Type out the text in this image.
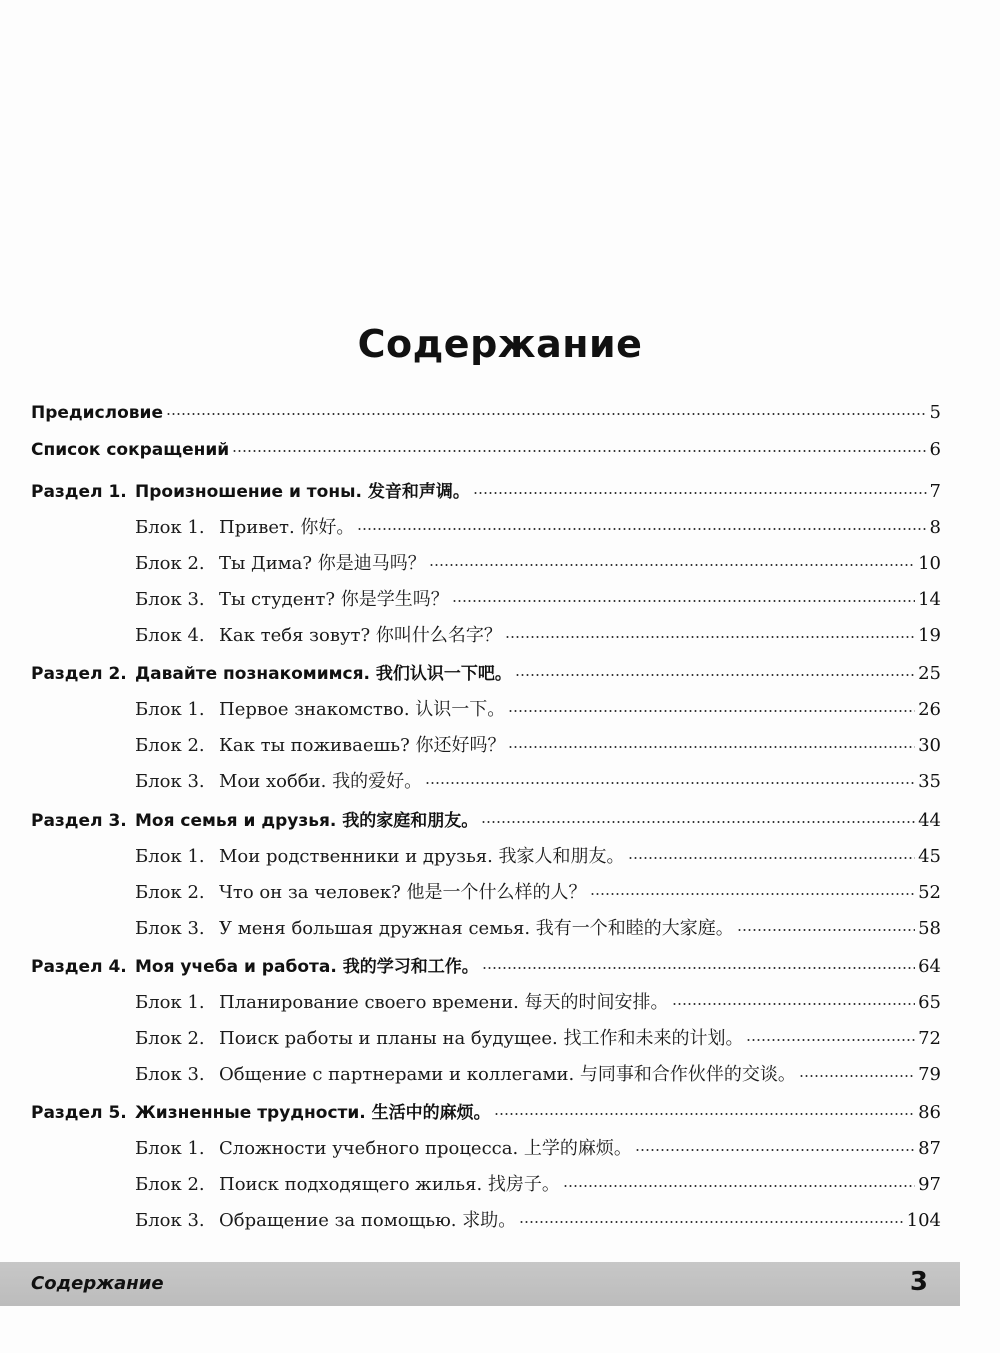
Содержание
Предисловие	5
Список сокращений	6
Раздел 1. Произношение и тоны. 发音和声调。	7
Блок 1. Привет. 你好。	8
Блок 2. Ты Дима? 你是迪马吗？	10
Блок 3. Ты студент? 你是学生吗？	14
Блок 4. Как тебя зовут? 你叫什么名字？	19
Раздел 2. Давайте познакомимся. 我们认识一下吧。	25
Блок 1. Первое знакомство. 认识一下。	26
Блок 2. Как ты поживаешь? 你还好吗？	30
Блок 3. Мои хобби. 我的爱好。	35
Раздел 3. Моя семья и друзья. 我的家庭和朋友。	44
Блок 1. Мои родственники и друзья. 我家人和朋友。	45
Блок 2. Что он за человек? 他是一个什么样的人？	52
Блок 3. У меня большая дружная семья. 我有一个和睦的大家庭。	58
Раздел 4. Моя учеба и работа. 我的学习和工作。	64
Блок 1. Планирование своего времени. 每天的时间安排。	65
Блок 2. Поиск работы и планы на будущее. 找工作和未来的计划。	72
Блок 3. Общение с партнерами и коллегами. 与同事和合作伙伴的交谈。	79
Раздел 5. Жизненные трудности. 生活中的麻烦。	86
Блок 1. Сложности учебного процесса. 上学的麻烦。	87
Блок 2. Поиск подходящего жилья. 找房子。	97
Блок 3. Обращение за помощью. 求助。	104
Содержание	3
